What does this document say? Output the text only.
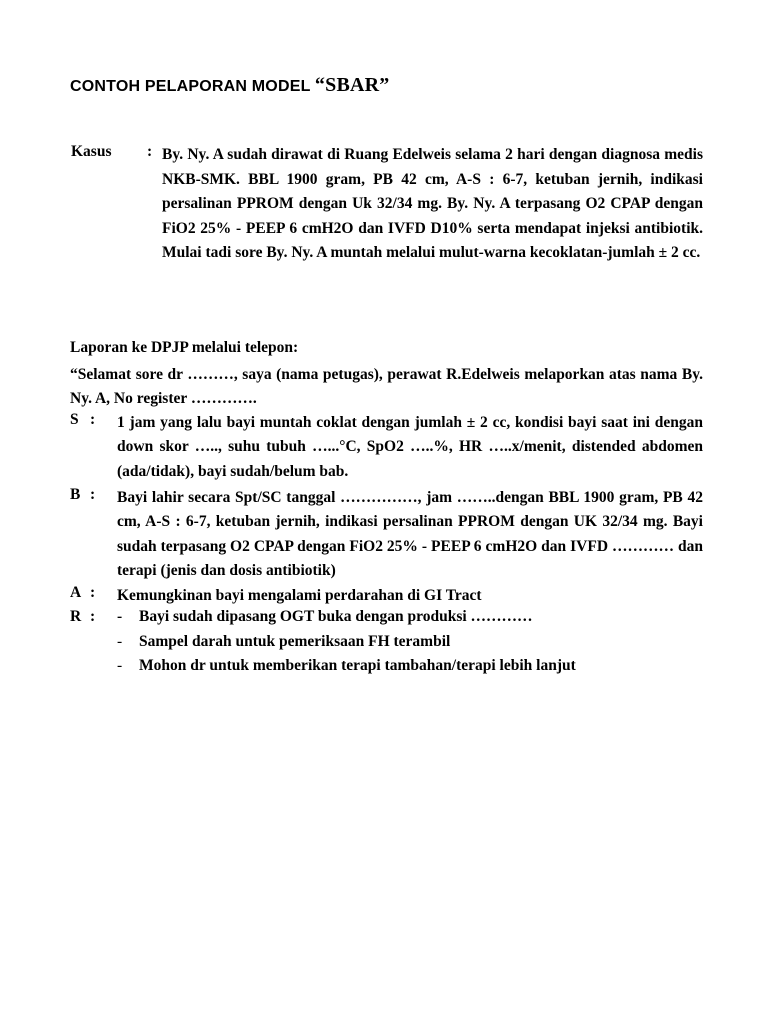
CONTOH PELAPORAN MODEL “SBAR”
Kasus : By. Ny. A sudah dirawat di Ruang Edelweis selama 2 hari dengan diagnosa medis NKB-SMK. BBL 1900 gram, PB 42 cm, A-S : 6-7, ketuban jernih, indikasi persalinan PPROM dengan Uk 32/34 mg. By. Ny. A terpasang O2 CPAP dengan FiO2 25% - PEEP 6 cmH2O dan IVFD D10% serta mendapat injeksi antibiotik. Mulai tadi sore By. Ny. A muntah melalui mulut-warna kecoklatan-jumlah ± 2 cc.
Laporan ke DPJP melalui telepon:
“Selamat sore dr ………, saya (nama petugas), perawat R.Edelweis melaporkan atas nama By. Ny. A, No register ………….
S : 1 jam yang lalu bayi muntah coklat dengan jumlah ± 2 cc, kondisi bayi saat ini dengan down skor ….., suhu tubuh …...°C, SpO2 …..%, HR …..x/menit, distended abdomen (ada/tidak), bayi sudah/belum bab.
B : Bayi lahir secara Spt/SC tanggal ……………, jam ……..dengan BBL 1900 gram, PB 42 cm, A-S : 6-7, ketuban jernih, indikasi persalinan PPROM dengan UK 32/34 mg. Bayi sudah terpasang O2 CPAP dengan FiO2 25% - PEEP 6 cmH2O dan IVFD ………… dan terapi (jenis dan dosis antibiotik)
A : Kemungkinan bayi mengalami perdarahan di GI Tract
R : - Bayi sudah dipasang OGT buka dengan produksi …………
- Sampel darah untuk pemeriksaan FH terambil
- Mohon dr untuk memberikan terapi tambahan/terapi lebih lanjut
